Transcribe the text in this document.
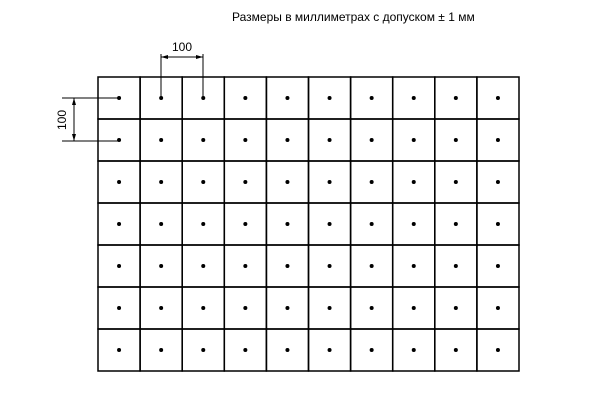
Размеры в миллиметрах с допуском ± 1 мм
100
100
